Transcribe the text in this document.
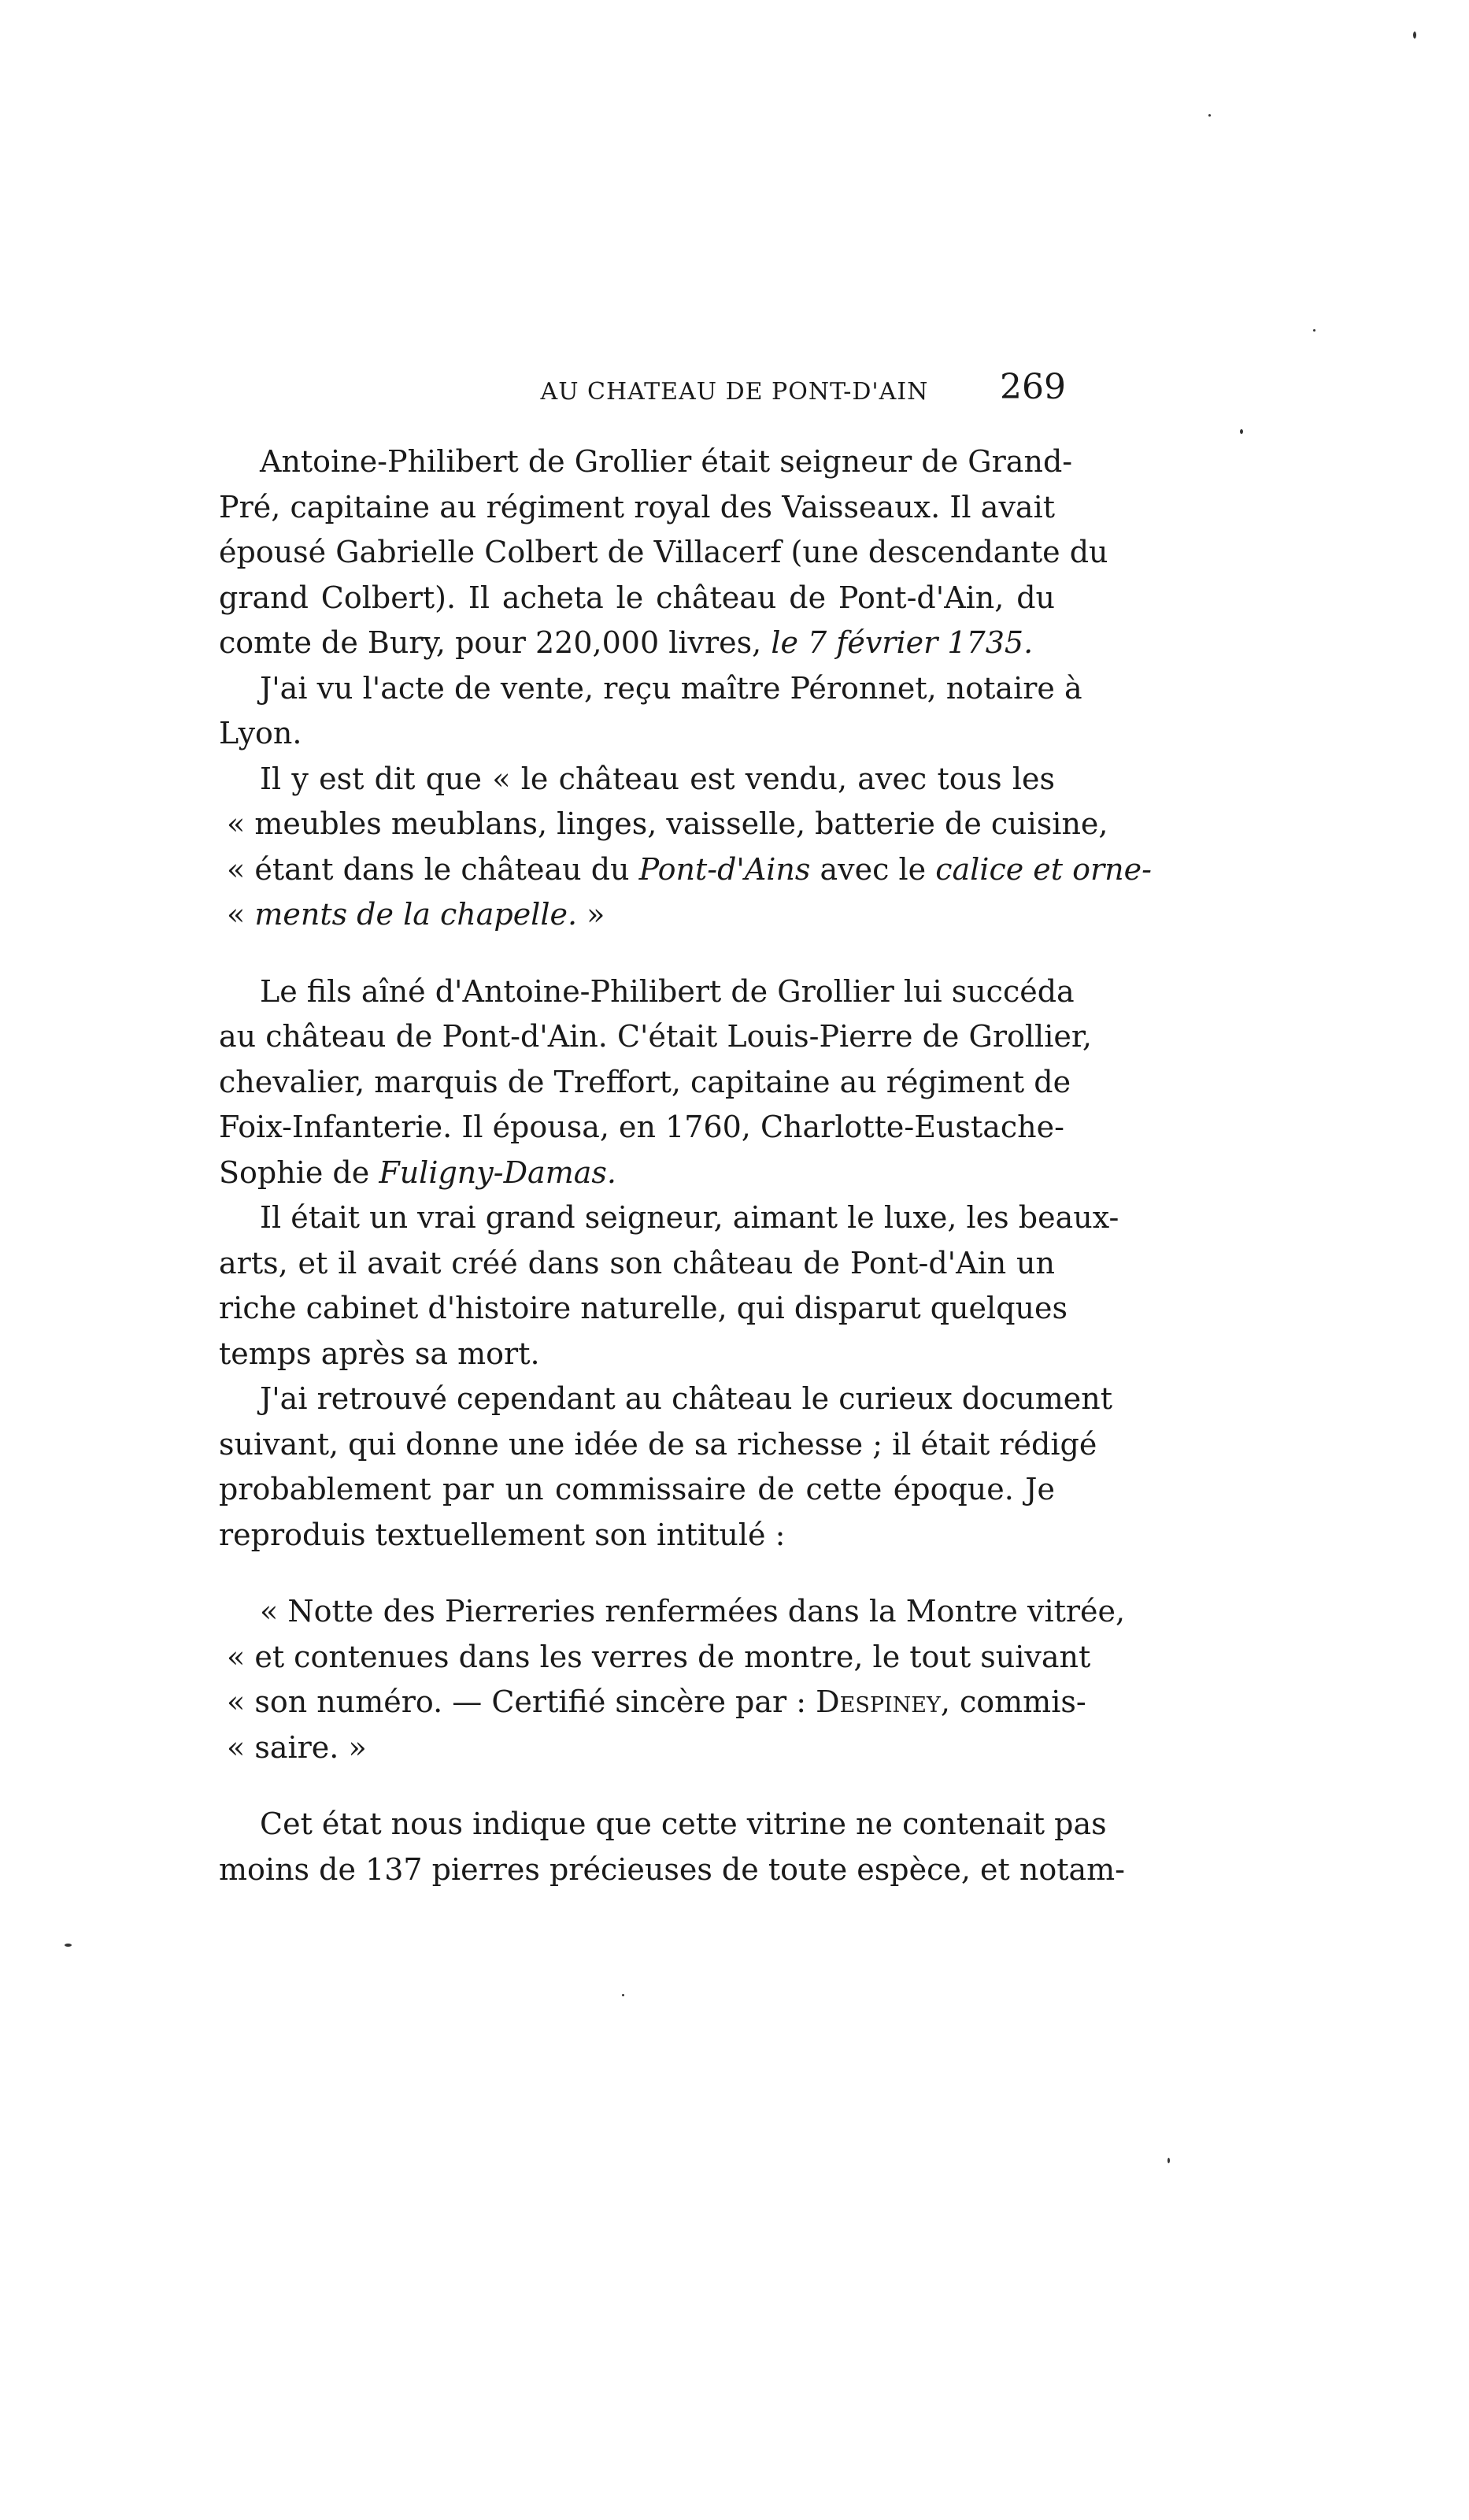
AU CHATEAU DE PONT-D'AIN	269
Antoine-Philibert de Grollier était seigneur de Grand-
Pré, capitaine au régiment royal des Vaisseaux. Il avait
épousé Gabrielle Colbert de Villacerf (une descendante du
grand Colbert). Il acheta le château de Pont-d'Ain, du
comte de Bury, pour 220,000 livres, le 7 février 1735.
J'ai vu l'acte de vente, reçu maître Péronnet, notaire à
Lyon.
Il y est dit que « le château est vendu, avec tous les
« meubles meublans, linges, vaisselle, batterie de cuisine,
« étant dans le château du Pont-d'Ains avec le calice et orne-
« ments de la chapelle. »
Le fils aîné d'Antoine-Philibert de Grollier lui succéda
au château de Pont-d'Ain. C'était Louis-Pierre de Grollier,
chevalier, marquis de Treffort, capitaine au régiment de
Foix-Infanterie. Il épousa, en 1760, Charlotte-Eustache-
Sophie de Fuligny-Damas.
Il était un vrai grand seigneur, aimant le luxe, les beaux-
arts, et il avait créé dans son château de Pont-d'Ain un
riche cabinet d'histoire naturelle, qui disparut quelques
temps après sa mort.
J'ai retrouvé cependant au château le curieux document
suivant, qui donne une idée de sa richesse ; il était rédigé
probablement par un commissaire de cette époque. Je
reproduis textuellement son intitulé :
« Notte des Pierreries renfermées dans la Montre vitrée,
« et contenues dans les verres de montre, le tout suivant
« son numéro. — Certifié sincère par : Despiney, commis-
« saire. »
Cet état nous indique que cette vitrine ne contenait pas
moins de 137 pierres précieuses de toute espèce, et notam-
